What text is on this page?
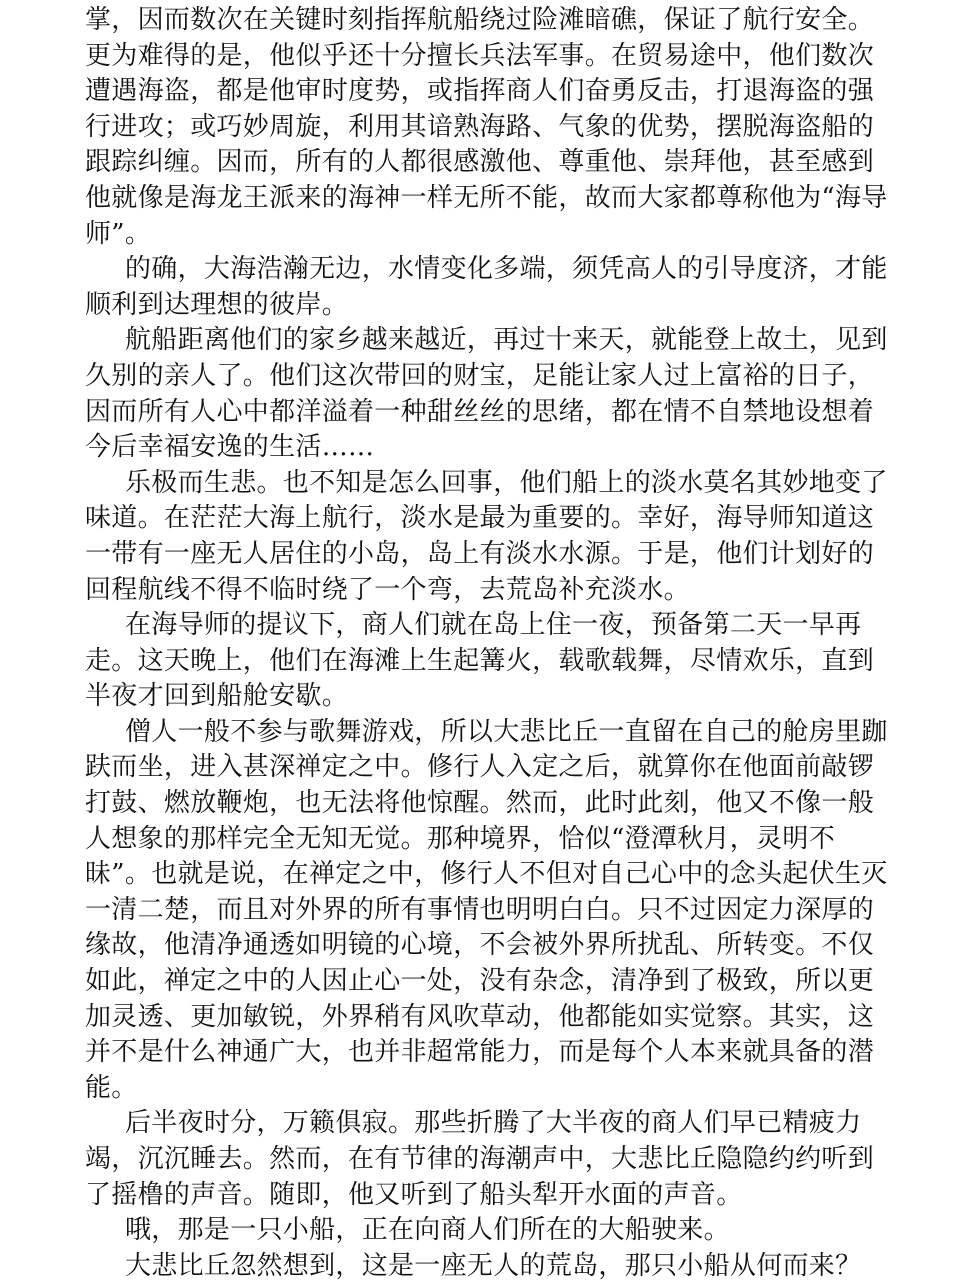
掌，因而数次在关键时刻指挥航船绕过险滩暗礁，保证了航行安全。
更为难得的是，他似乎还十分擅长兵法军事。在贸易途中，他们数次
遭遇海盗，都是他审时度势，或指挥商人们奋勇反击，打退海盗的强
行进攻；或巧妙周旋，利用其谙熟海路、气象的优势，摆脱海盗船的
跟踪纠缠。因而，所有的人都很感激他、尊重他、崇拜他，甚至感到
他就像是海龙王派来的海神一样无所不能，故而大家都尊称他为“海导
师”。
的确，大海浩瀚无边，水情变化多端，须凭高人的引导度济，才能
顺利到达理想的彼岸。
航船距离他们的家乡越来越近，再过十来天，就能登上故土，见到
久别的亲人了。他们这次带回的财宝，足能让家人过上富裕的日子，
因而所有人心中都洋溢着一种甜丝丝的思绪，都在情不自禁地设想着
今后幸福安逸的生活……
乐极而生悲。也不知是怎么回事，他们船上的淡水莫名其妙地变了
味道。在茫茫大海上航行，淡水是最为重要的。幸好，海导师知道这
一带有一座无人居住的小岛，岛上有淡水水源。于是，他们计划好的
回程航线不得不临时绕了一个弯，去荒岛补充淡水。
在海导师的提议下，商人们就在岛上住一夜，预备第二天一早再
走。这天晚上，他们在海滩上生起篝火，载歌载舞，尽情欢乐，直到
半夜才回到船舱安歇。
僧人一般不参与歌舞游戏，所以大悲比丘一直留在自己的舱房里跏
趺而坐，进入甚深禅定之中。修行人入定之后，就算你在他面前敲锣
打鼓、燃放鞭炮，也无法将他惊醒。然而，此时此刻，他又不像一般
人想象的那样完全无知无觉。那种境界，恰似“澄潭秋月，灵明不
昧”。也就是说，在禅定之中，修行人不但对自己心中的念头起伏生灭
一清二楚，而且对外界的所有事情也明明白白。只不过因定力深厚的
缘故，他清净通透如明镜的心境，不会被外界所扰乱、所转变。不仅
如此，禅定之中的人因止心一处，没有杂念，清净到了极致，所以更
加灵透、更加敏锐，外界稍有风吹草动，他都能如实觉察。其实，这
并不是什么神通广大，也并非超常能力，而是每个人本来就具备的潜
能。
后半夜时分，万籁俱寂。那些折腾了大半夜的商人们早已精疲力
竭，沉沉睡去。然而，在有节律的海潮声中，大悲比丘隐隐约约听到
了摇橹的声音。随即，他又听到了船头犁开水面的声音。
哦，那是一只小船，正在向商人们所在的大船驶来。
大悲比丘忽然想到，这是一座无人的荒岛，那只小船从何而来？
